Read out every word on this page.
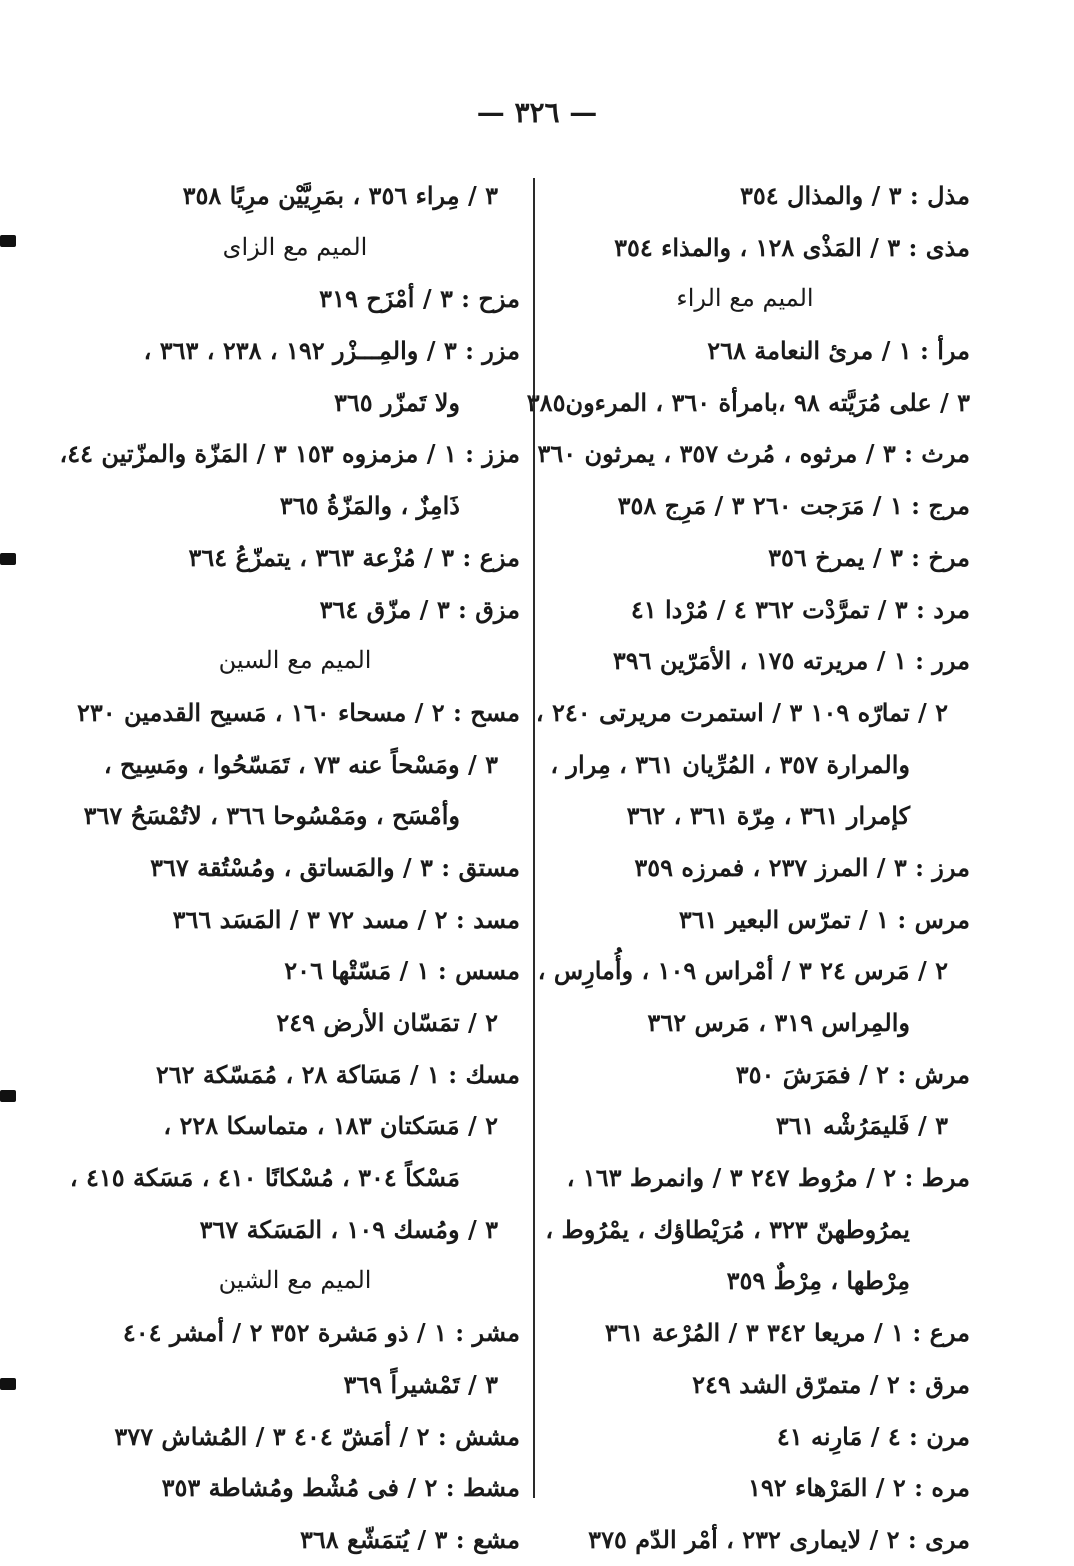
— ٣٢٦ —
مذل : ٣ / والمذال ٣٥٤
مذى : ٣ / المَذْى ١٢٨ ، والمذاء ٣٥٤
الميم مع الراء
مرأ : ١ / مرئ النعامة ٢٦٨
٣ / على مُرَيَّته ٩٨ ،بامرأة ٣٦٠ ، المرءون٣٨٥
مرث : ٣ / مرثوه ، مُرث ٣٥٧ ، يمرثون ٣٦٠
مرج : ١ / مَرَجت ٢٦٠ ٣ / مَرِج ٣٥٨
مرخ : ٣ / يمرخ ٣٥٦
مرد : ٣ / تمرَّدْت ٣٦٢ ٤ / مُرْدا ٤١
مرر : ١ / مريرته ١٧٥ ، الأمَرّين ٣٩٦
٢ / تمارّه ١٠٩ ٣ / استمرت مريرتى ٢٤٠ ،
والمرارة ٣٥٧ ، المُرِّيان ٣٦١ ، مِرار ،
كإمرار ٣٦١ ، مِرّة ٣٦١ ، ٣٦٢
مرز : ٣ / المرز ٢٣٧ ، فمرزه ٣٥٩
مرس : ١ / تمرّس البعير ٣٦١
٢ / مَرس ٢٤ ٣ / أمْراس ١٠٩ ، وأُمارِس ،
والمِراس ٣١٩ ، مَرس ٣٦٢
مرش : ٢ / فمَرَشَ ٣٥٠
٣ / فَليمَرُشْه ٣٦١
مرط : ٢ / مرُوط ٢٤٧ ٣ / وانمرط ١٦٣ ،
يمرُوطهنّ ٣٢٣ ، مُرَيْطاؤك ، يمْرُوط ،
مِرْطها ، مِرْطٌ ٣٥٩
مرع : ١ / مريعا ٣٤٢ ٣ / المُرْعة ٣٦١
مرق : ٢ / متمرّق الشد ٢٤٩
مرن : ٤ / مَارِنه ٤١
مره : ٢ / المَرْهاء ١٩٢
مرى : ٢ / لايمارى ٢٣٢ ، أمْر الدّم ٣٧٥
٣ / مِراء ٣٥٦ ، بمَرِيَّيْن مرِيًا ٣٥٨
الميم مع الزاى
مزح : ٣ / أمْزَح ٣١٩
مزر : ٣ / والمِـــزْر ١٩٢ ، ٢٣٨ ، ٣٦٣ ،
ولا تَمزّر ٣٦٥
مزز : ١ / مزمزوه ١٥٣ ٣ / المَزّة والمزّتين ٤٤،
ذَامِزٌ ، والمَزّةُ ٣٦٥
مزع : ٣ / مُزْعة ٣٦٣ ، يتمزّعُ ٣٦٤
مزق : ٣ / مزّق ٣٦٤
الميم مع السين
مسح : ٢ / مسحاء ١٦٠ ، مَسيح القدمين ٢٣٠
٣ / ومَسْحاً عنه ٧٣ ، تَمَسّحُوا ، ومَسِيح ،
وأمْسَح ، ومَمْسُوحا ٣٦٦ ، لاتُمْسَحُ ٣٦٧
مستق : ٣ / والمَساتق ، ومُسْتُقة ٣٦٧
مسد : ٢ / مسد ٧٢ ٣ / المَسَد ٣٦٦
مسس : ١ / مَسّتْها ٢٠٦
٢ / تمَسّان الأرض ٢٤٩
مسك : ١ / مَسَاكة ٢٨ ، مُمَسّكة ٢٦٢
٢ / مَسَكتان ١٨٣ ، متماسكا ٢٢٨ ،
مَسْكاً ٣٠٤ ، مُسْكانًا ٤١٠ ، مَسَكة ٤١٥ ،
٣ / ومُسك ١٠٩ ، المَسَكة ٣٦٧
الميم مع الشين
مشر : ١ / ذو مَشرة ٣٥٢ ٢ / أمشر ٤٠٤
٣ / تَمْشيراً ٣٦٩
مشش : ٢ / أمَشّ ٤٠٤ ٣ / المُشاش ٣٧٧
مشط : ٢ / فى مُشْط ومُشاطة ٣٥٣
مشع : ٣ / يُتمَشّع ٣٦٨
